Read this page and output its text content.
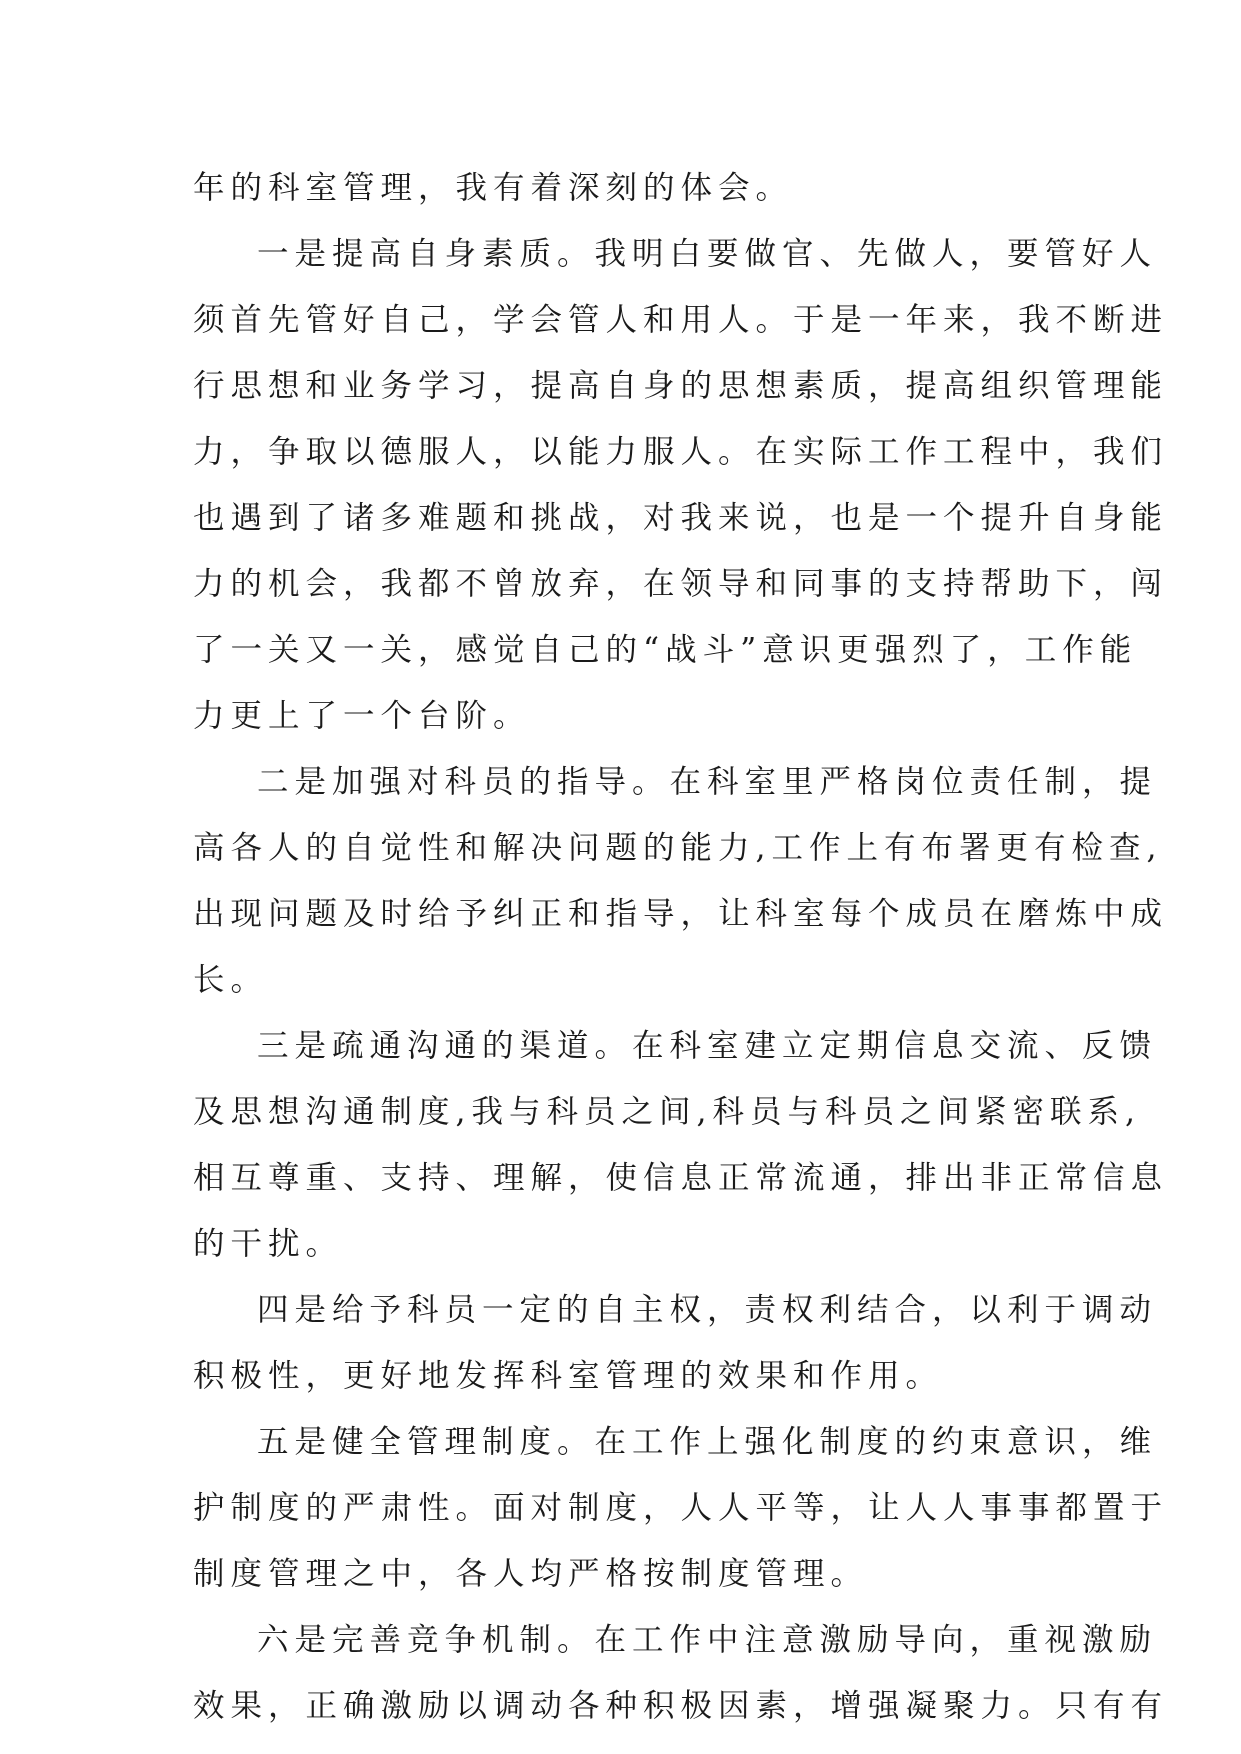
年的科室管理，我有着深刻的体会。
一是提高自身素质。我明白要做官、先做人，要管好人
须首先管好自己，学会管人和用人。于是一年来，我不断进
行思想和业务学习，提高自身的思想素质，提高组织管理能
力，争取以德服人，以能力服人。在实际工作工程中，我们
也遇到了诸多难题和挑战，对我来说，也是一个提升自身能
力的机会，我都不曾放弃，在领导和同事的支持帮助下，闯
了一关又一关，感觉自己的“战斗”意识更强烈了，工作能
力更上了一个台阶。
二是加强对科员的指导。在科室里严格岗位责任制，提
高各人的自觉性和解决问题的能力,工作上有布署更有检查,
出现问题及时给予纠正和指导，让科室每个成员在磨炼中成
长。
三是疏通沟通的渠道。在科室建立定期信息交流、反馈
及思想沟通制度,我与科员之间,科员与科员之间紧密联系,
相互尊重、支持、理解，使信息正常流通，排出非正常信息
的干扰。
四是给予科员一定的自主权，责权利结合，以利于调动
积极性，更好地发挥科室管理的效果和作用。
五是健全管理制度。在工作上强化制度的约束意识，维
护制度的严肃性。面对制度，人人平等，让人人事事都置于
制度管理之中，各人均严格按制度管理。
六是完善竞争机制。在工作中注意激励导向，重视激励
效果，正确激励以调动各种积极因素，增强凝聚力。只有有
